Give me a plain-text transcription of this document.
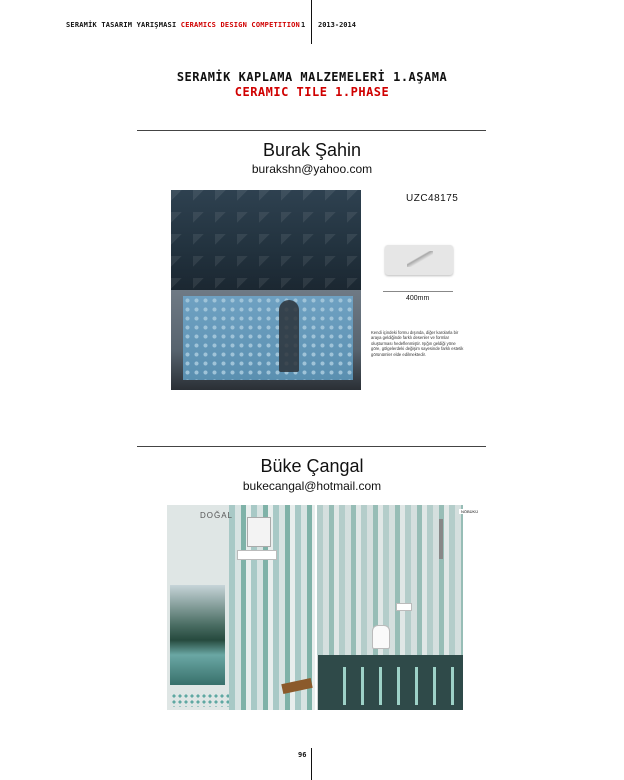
SERAMİK TASARIM YARIŞMASI CERAMICS DESIGN COMPETITION 1 2013-2014
SERAMİK KAPLAMA MALZEMELERİ 1.AŞAMA
CERAMIC TILE 1.PHASE
Burak Şahin
burakshn@yahoo.com
UZC48175
400mm
Kendi içindeki formu dışında, diğer karolarla bir araya geldiğinde farklı desenler ve formlar oluşturması hedeflenmiştir. Işığın geldiği yöne göre, gölgelerdeki değişim sayesinde farklı estetik görünümler elde edilmektedir.
Büke Çangal
bukecangal@hotmail.com
DOĞAL	NÖBÜKÜ
96
